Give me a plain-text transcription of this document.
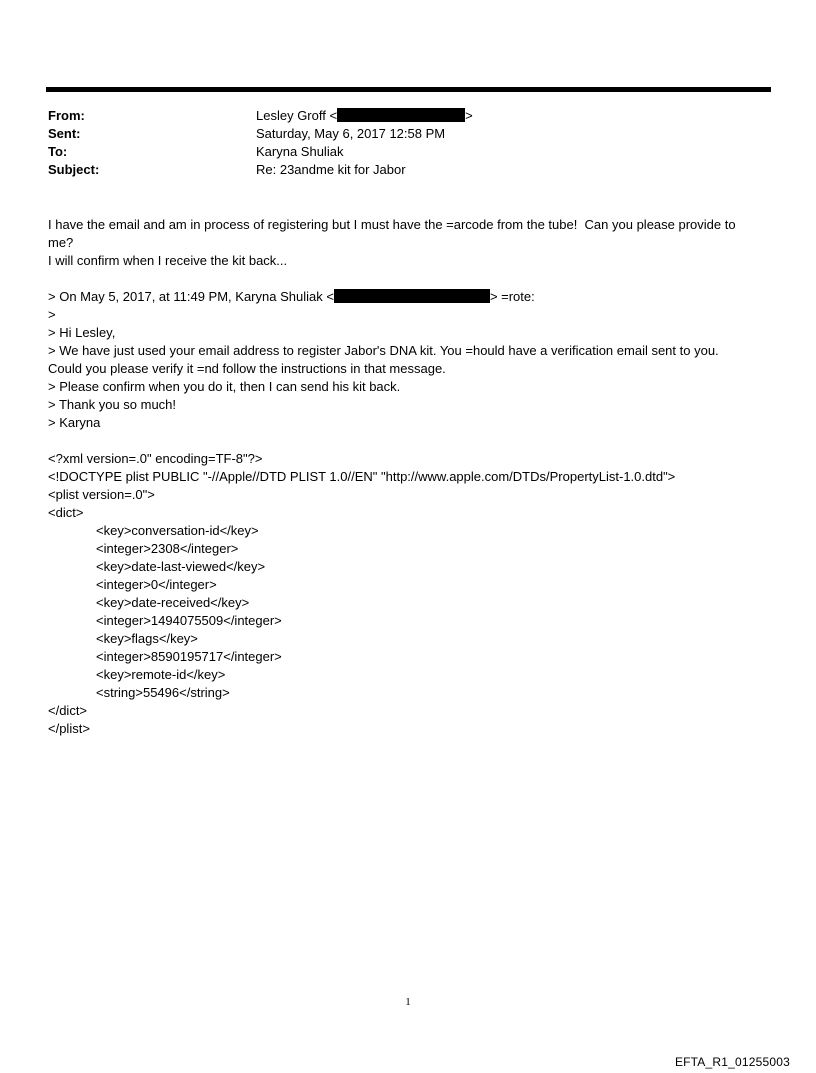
From:	Lesley Groff <	>
Sent:	Saturday, May 6, 2017 12:58 PM
To:	Karyna Shuliak
Subject:	Re: 23andme kit for Jabor
I have the email and am in process of registering but I must have the =arcode from the tube!  Can you please provide to
me?
I will confirm when I receive the kit back...
> On May 5, 2017, at 11:49 PM, Karyna Shuliak <	> =rote:
>
> Hi Lesley,
> We have just used your email address to register Jabor's DNA kit. You =hould have a verification email sent to you.
Could you please verify it =nd follow the instructions in that message.
> Please confirm when you do it, then I can send his kit back.
> Thank you so much!
> Karyna
<?xml version=.0" encoding=TF-8"?>
<!DOCTYPE plist PUBLIC "-//Apple//DTD PLIST 1.0//EN" "http://www.apple.com/DTDs/PropertyList-1.0.dtd">
<plist version=.0">
<dict>
<key>conversation-id</key>
<integer>2308</integer>
<key>date-last-viewed</key>
<integer>0</integer>
<key>date-received</key>
<integer>1494075509</integer>
<key>flags</key>
<integer>8590195717</integer>
<key>remote-id</key>
<string>55496</string>
</dict>
</plist>
1
EFTA_R1_01255003
